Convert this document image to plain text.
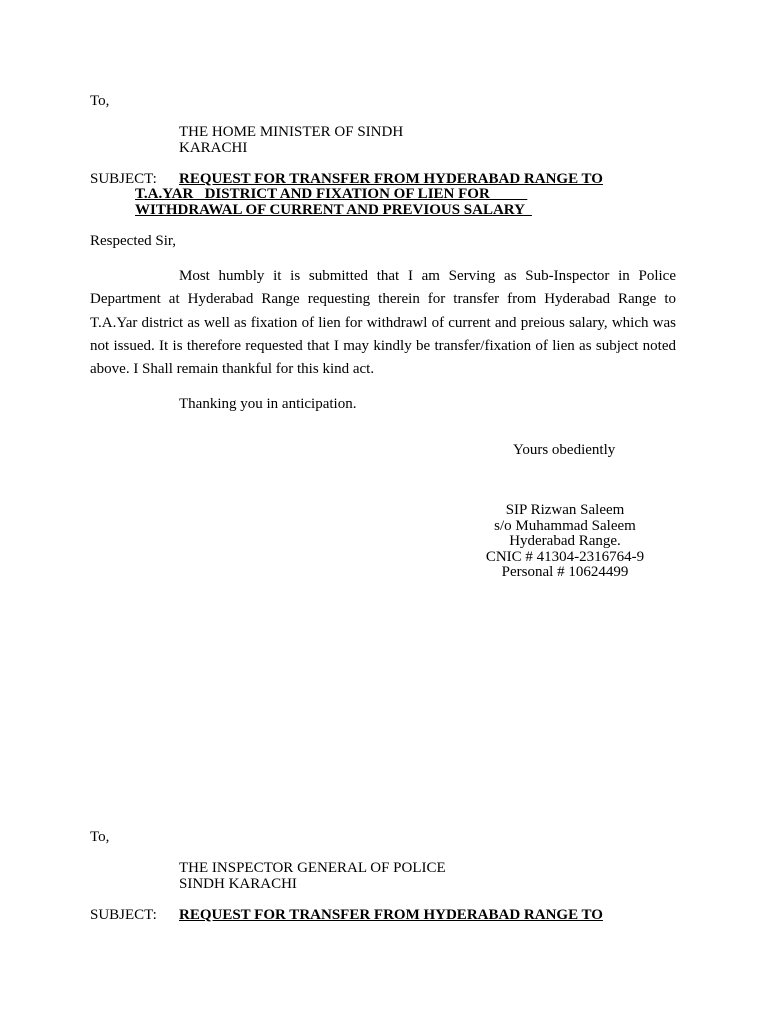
To,
THE HOME MINISTER OF SINDH
KARACHI
SUBJECT: REQUEST FOR TRANSFER FROM HYDERABAD RANGE TO
T.A.YAR   DISTRICT AND FIXATION OF LIEN FOR
WITHDRAWAL OF CURRENT AND PREVIOUS SALARY
Respected Sir,
Most humbly it is submitted that I am Serving as Sub-Inspector in Police Department at Hyderabad Range requesting therein for transfer from Hyderabad Range to T.A.Yar district as well as fixation of lien for withdrawl of current and preious salary, which was not issued. It is therefore requested that I may kindly be transfer/fixation of lien as subject noted above. I Shall remain thankful for this kind act.
Thanking you in anticipation.
Yours obediently
SIP Rizwan Saleem
s/o Muhammad Saleem
Hyderabad Range.
CNIC # 41304-2316764-9
Personal # 10624499
To,
THE INSPECTOR GENERAL OF POLICE
SINDH KARACHI
SUBJECT: REQUEST FOR TRANSFER FROM HYDERABAD RANGE TO
